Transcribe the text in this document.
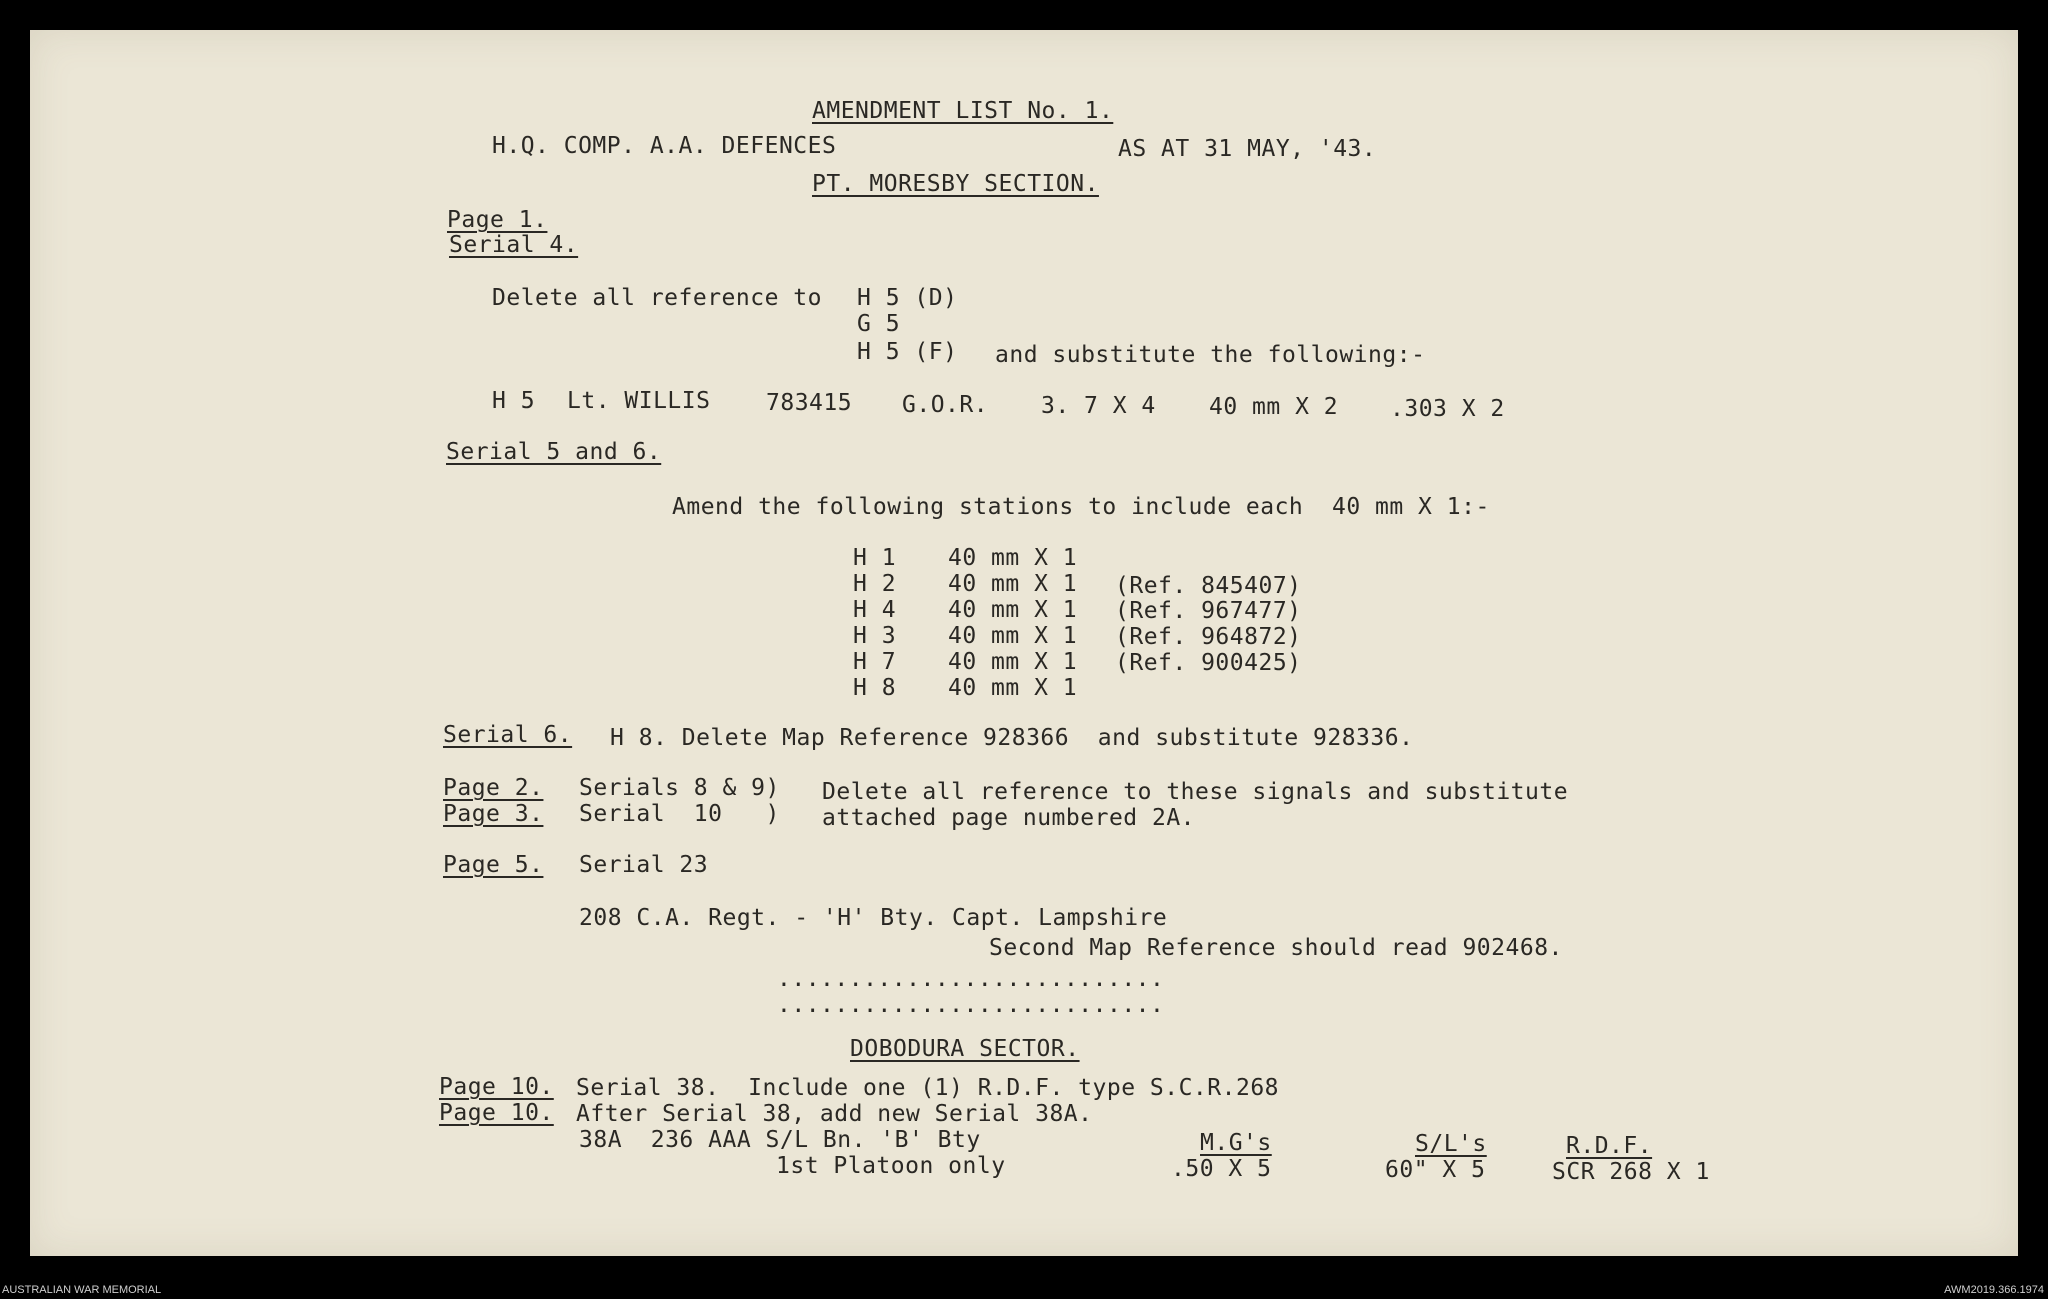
AMENDMENT LIST No. 1.
H.Q. COMP. A.A. DEFENCES	AS AT 31 MAY, '43.
PT. MORESBY SECTION.
Page 1.
Serial 4.
Delete all reference to H 5 (D)
G 5
H 5 (F) and substitute the following:-
H 5 Lt. WILLIS 783415 G.O.R. 3. 7 X 4 40 mm X 2 .303 X 2
Serial 5 and 6.
Amend the following stations to include each  40 mm X 1:-
H 1 40 mm X 1
H 2 40 mm X 1 (Ref. 845407)
H 4 40 mm X 1 (Ref. 967477)
H 3 40 mm X 1 (Ref. 964872)
H 7 40 mm X 1 (Ref. 900425)
H 8 40 mm X 1
Serial 6. H 8. Delete Map Reference 928366  and substitute 928336.
Page 2.
Page 3.
Serials 8 & 9)
Serial  10   )
Delete all reference to these signals and substitute
attached page numbered 2A.
Page 5. Serial 23
208 C.A. Regt. - 'H' Bty. Capt. Lampshire
Second Map Reference should read 902468.
...........................
...........................
DOBODURA SECTOR.
Page 10. Serial 38.  Include one (1) R.D.F. type S.C.R.268
Page 10. After Serial 38, add new Serial 38A.
38A  236 AAA S/L Bn. 'B' Bty
1st Platoon only
M.G's
.50 X 5
S/L's
60" X 5
R.D.F.
SCR 268 X 1
AUSTRALIAN WAR MEMORIAL	AWM2019.366.1974
